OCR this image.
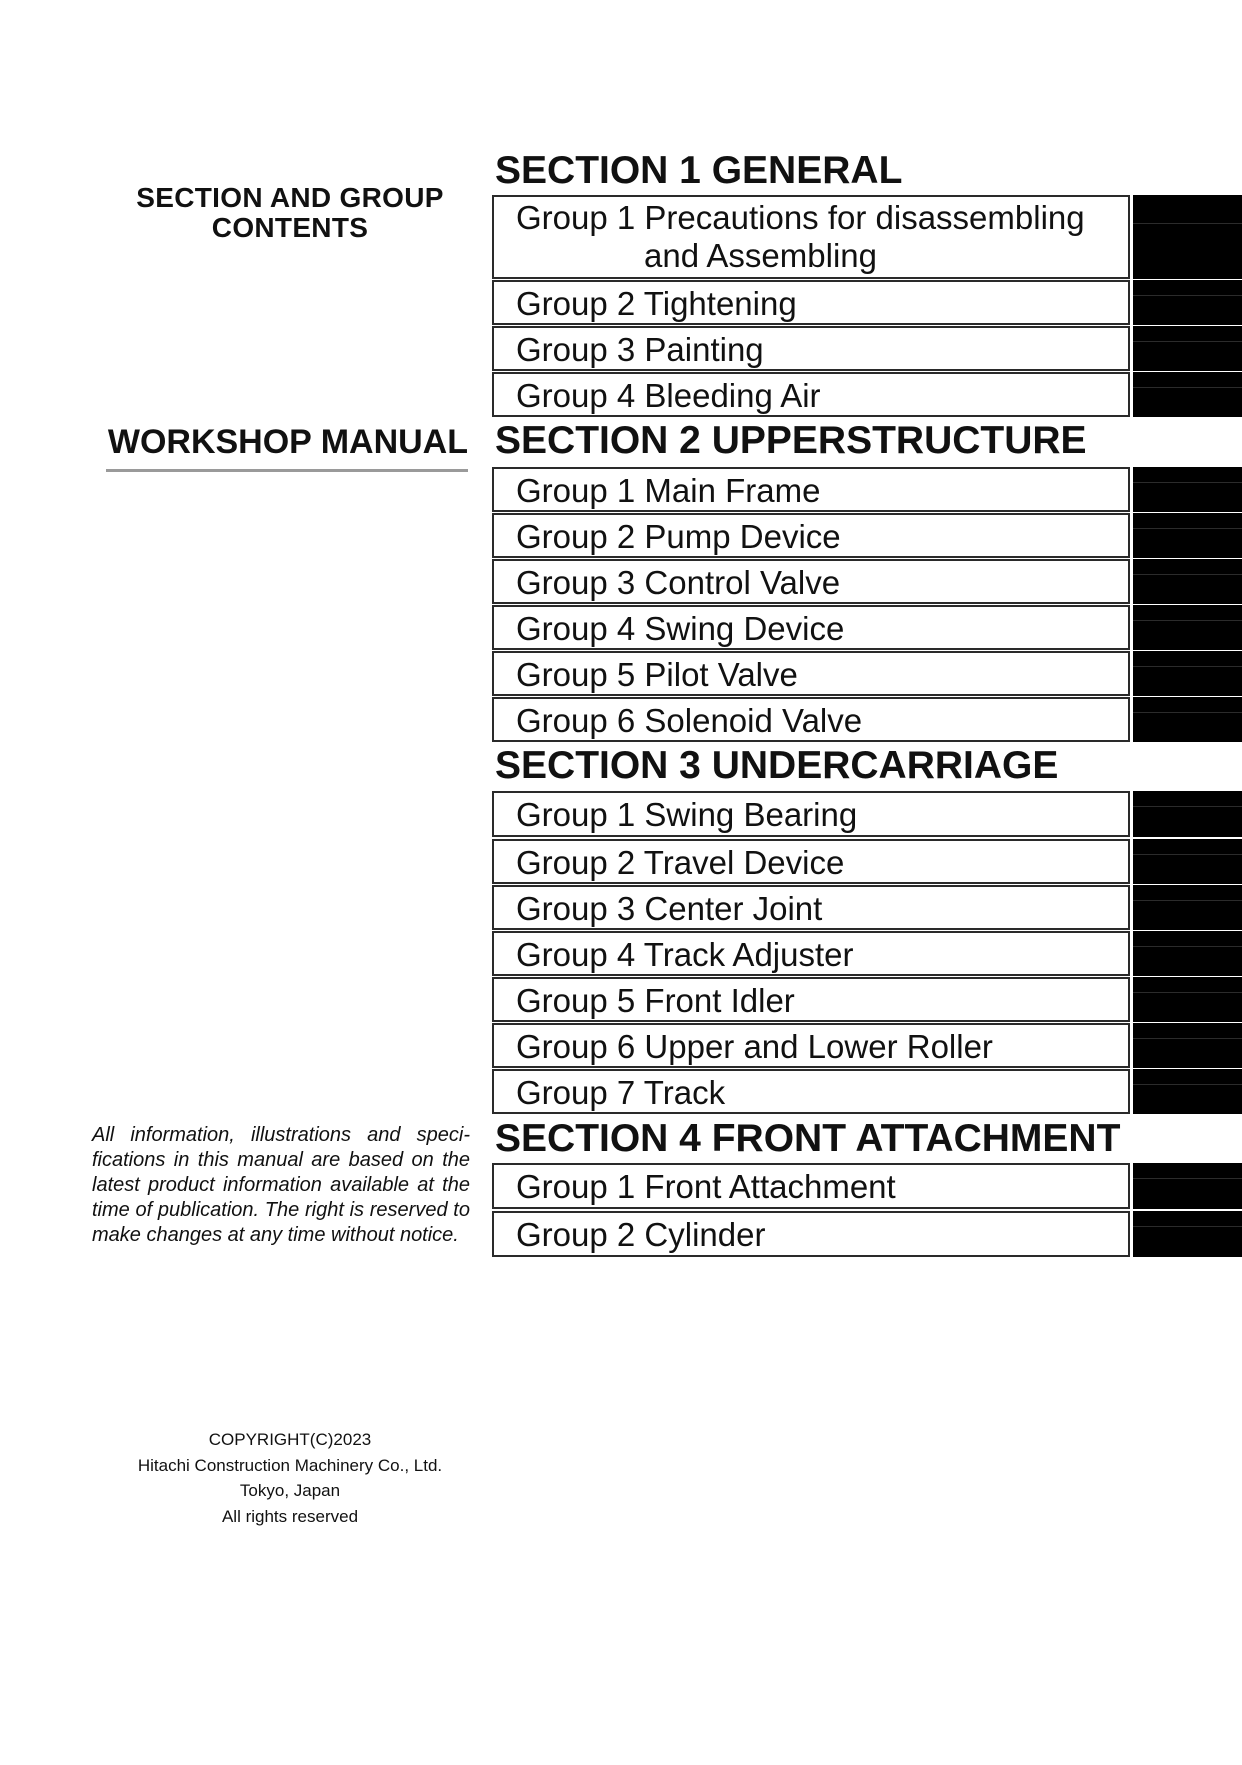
SECTION AND GROUP
CONTENTS
WORKSHOP MANUAL
All information, illustrations and speci-fications in this manual are based on the latest product information available at the time of publication. The right is reserved to make changes at any time without notice.
COPYRIGHT(C)2023
Hitachi Construction Machinery Co., Ltd.
Tokyo, Japan
All rights reserved
SECTION 1 GENERAL
Group 1 Precautions for disassembling
and Assembling
Group 2 Tightening
Group 3 Painting
Group 4 Bleeding Air
SECTION 2 UPPERSTRUCTURE
Group 1 Main Frame
Group 2 Pump Device
Group 3 Control Valve
Group 4 Swing Device
Group 5 Pilot Valve
Group 6 Solenoid Valve
SECTION 3 UNDERCARRIAGE
Group 1 Swing Bearing
Group 2 Travel Device
Group 3 Center Joint
Group 4 Track Adjuster
Group 5 Front Idler
Group 6 Upper and Lower Roller
Group 7 Track
SECTION 4 FRONT ATTACHMENT
Group 1 Front Attachment
Group 2 Cylinder
